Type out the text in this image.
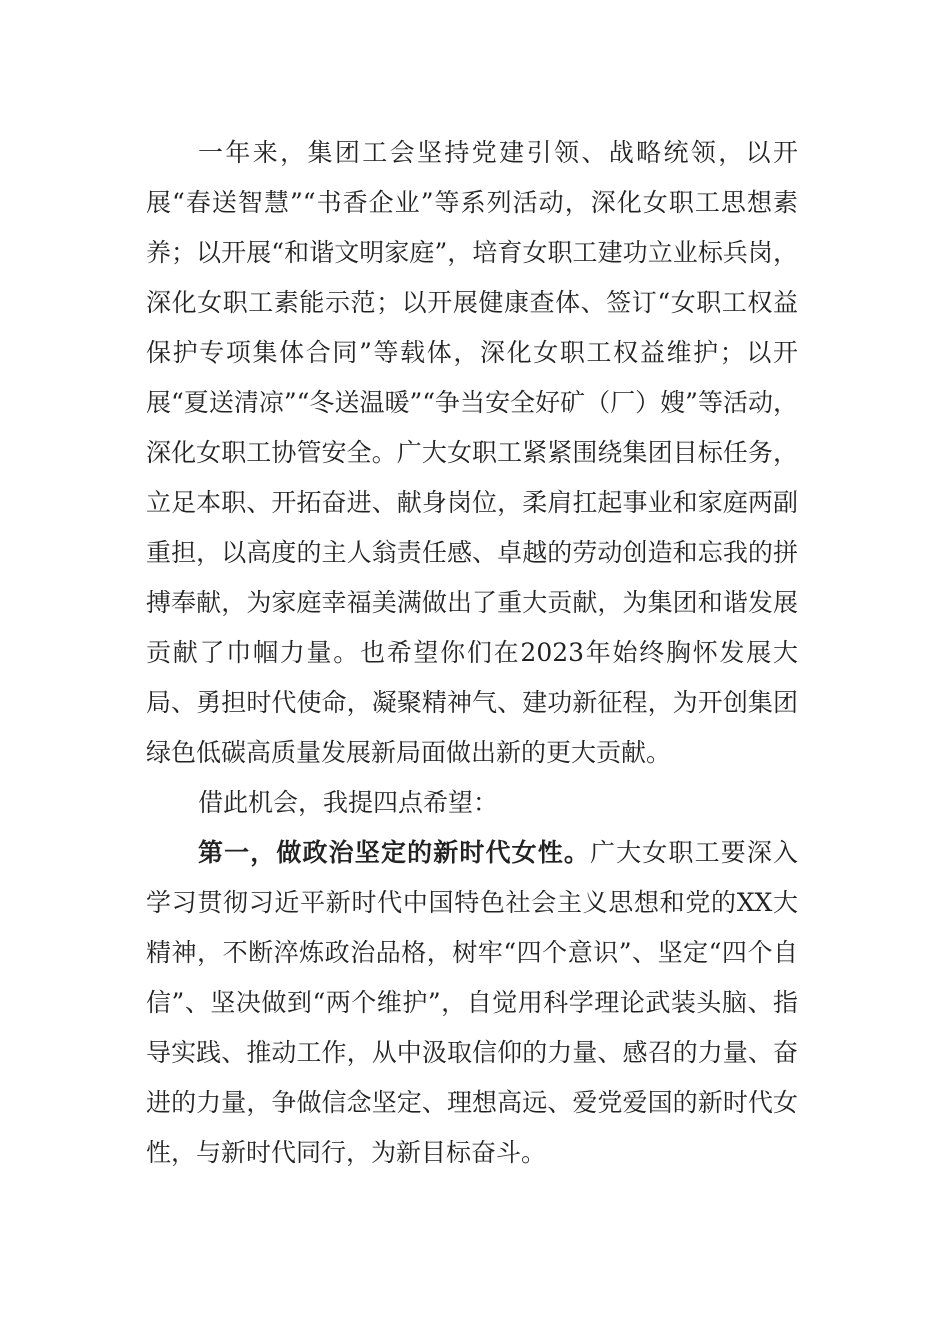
一年来，集团工会坚持党建引领、战略统领，以开展“春送智慧”“书香企业”等系列活动，深化女职工思想素养；以开展“和谐文明家庭”，培育女职工建功立业标兵岗，深化女职工素能示范；以开展健康查体、签订“女职工权益保护专项集体合同”等载体，深化女职工权益维护；以开展“夏送清凉”“冬送温暖”“争当安全好矿（厂）嫂”等活动，深化女职工协管安全。广大女职工紧紧围绕集团目标任务，立足本职、开拓奋进、献身岗位，柔肩扛起事业和家庭两副重担，以高度的主人翁责任感、卓越的劳动创造和忘我的拼搏奉献，为家庭幸福美满做出了重大贡献，为集团和谐发展贡献了巾帼力量。也希望你们在2023年始终胸怀发展大局、勇担时代使命，凝聚精神气、建功新征程，为开创集团绿色低碳高质量发展新局面做出新的更大贡献。

借此机会，我提四点希望：

第一，做政治坚定的新时代女性。广大女职工要深入学习贯彻习近平新时代中国特色社会主义思想和党的XX大精神，不断淬炼政治品格，树牢“四个意识”、坚定“四个自信”、坚决做到“两个维护”，自觉用科学理论武装头脑、指导实践、推动工作，从中汲取信仰的力量、感召的力量、奋进的力量，争做信念坚定、理想高远、爱党爱国的新时代女性，与新时代同行，为新目标奋斗。
